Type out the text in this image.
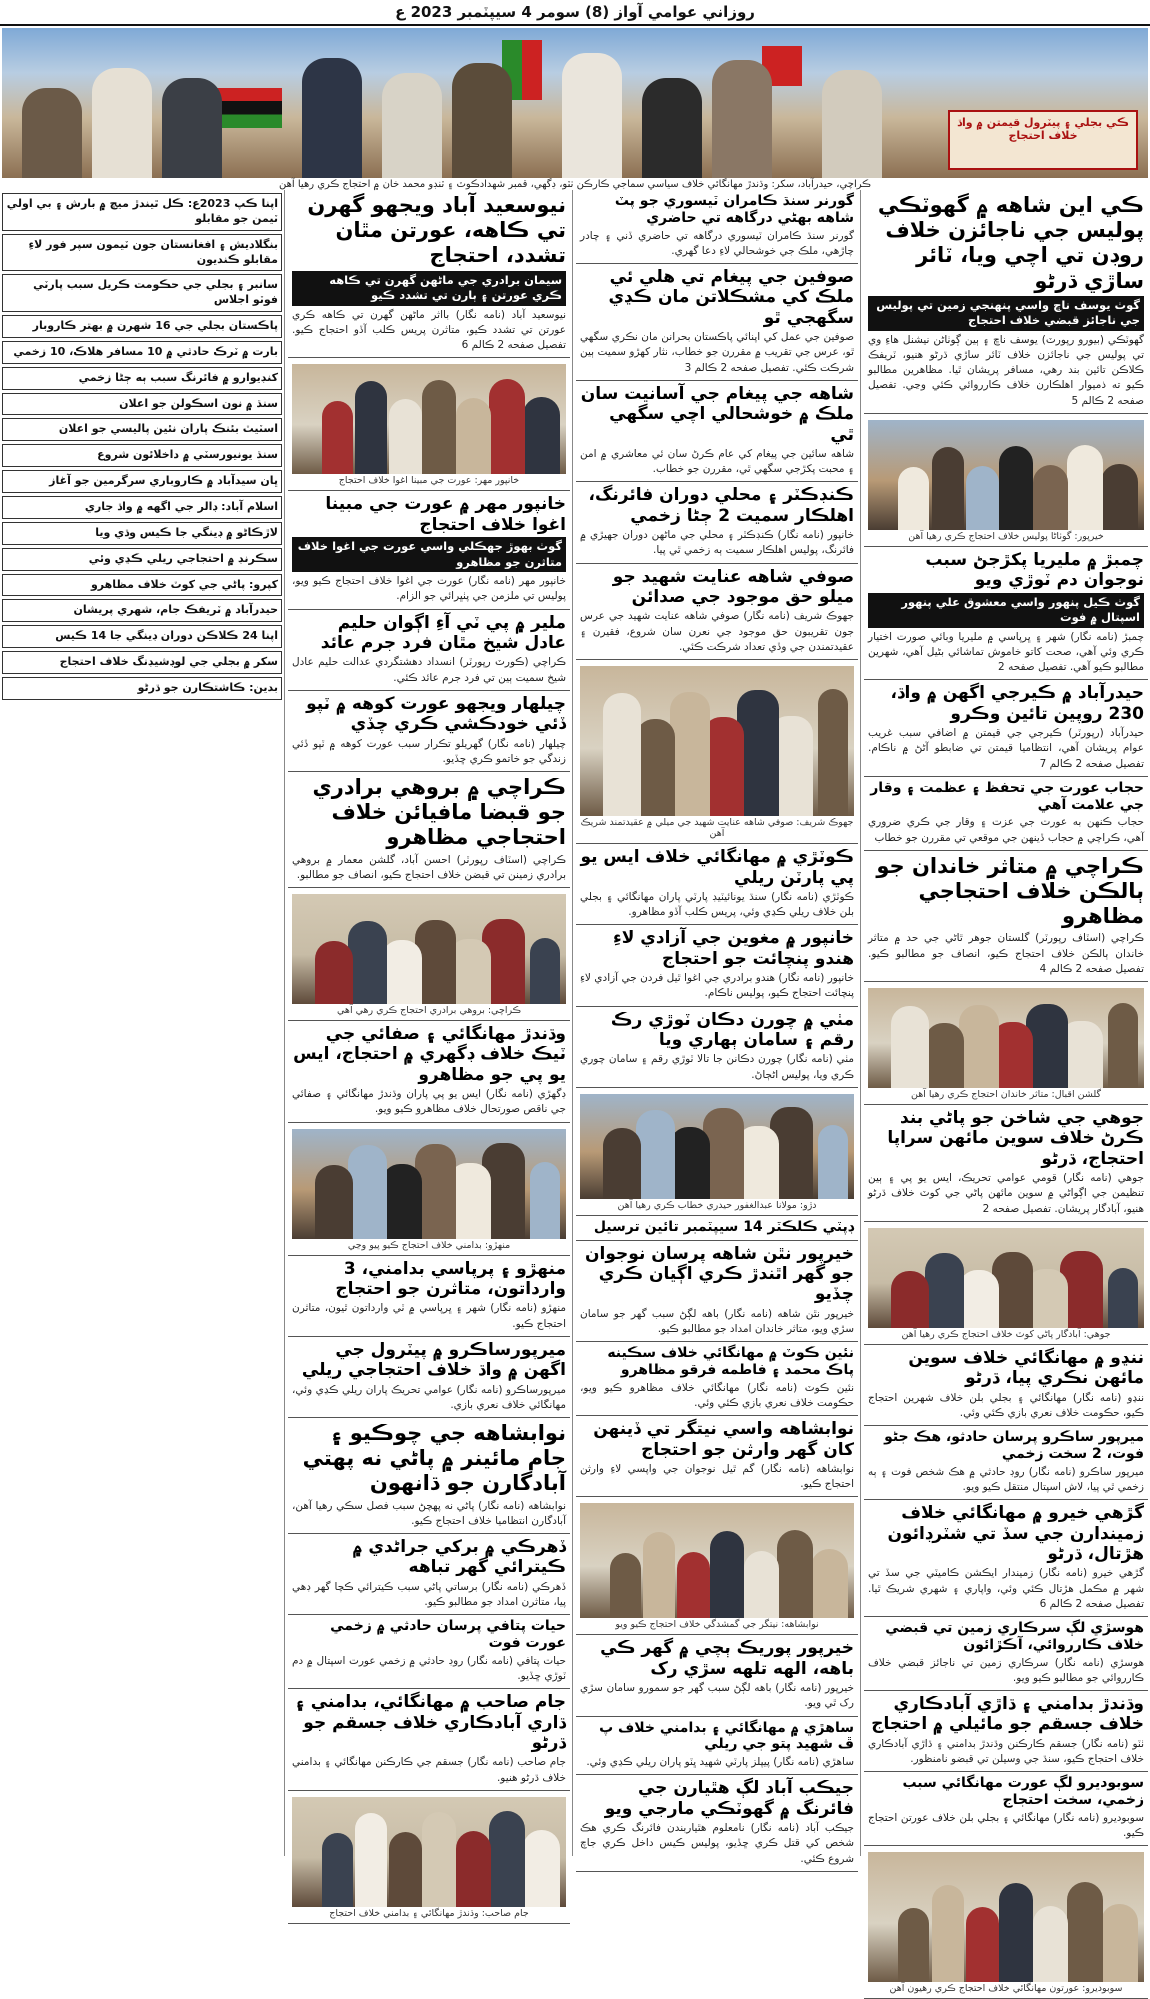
روزاني عوامي آواز (8) سومر 4 سيپٽمبر 2023 ع
ڪي بجلي ۽ پيٽرول قيمتن ۾ واڌ خلاف احتجاج
ڪراچي، حيدرآباد، سکر: وڌندڙ مهانگائي خلاف سياسي سماجي ڪارڪن ٺٽو، ڊگهي، قمبر شهدادڪوٽ ۽ ٽنڊو محمد خان ۾ احتجاج ڪري رهيا آهن
ڪي اين شاهه ۾ گهوٽڪي پوليس جي ناجائزن خلاف روڊن تي اچي ويا، ٽائر ساڙي ڌرڻو
گوٺ يوسف ناڇ واسي پنهنجي زمين تي پوليس جي ناجائز قبضي خلاف احتجاج
گهوٽڪي (بيورو رپورٽ) يوسف ناڇ ۽ ٻين ڳوٺاڻن نيشنل هاءِ وي تي پوليس جي ناجائزن خلاف ٽائر ساڙي ڌرڻو هنيو، ٽريفڪ ڪلاڪن تائين بند رهي، مسافر پريشان ٿيا. مظاهرين مطالبو ڪيو ته ذميوار اهلڪارن خلاف ڪارروائي ڪئي وڃي. تفصيل صفحه 2 ڪالم 5
خيرپور: گوٺاڻا پوليس خلاف احتجاج ڪري رهيا آهن
چمبڙ ۾ مليريا پکڙجڻ سبب نوجوان دم ٽوڙي ويو
گوٺ ڪيل پنهور واسي معشوق علي پنهور اسپتال ۾ فوت
چمبڙ (نامه نگار) شهر ۽ ڀرپاسي ۾ مليريا وبائي صورت اختيار ڪري وئي آهي، صحت کاتو خاموش تماشائي بڻيل آهي، شهرين مطالبو ڪيو آهي. تفصيل صفحه 2
حيدرآباد ۾ ڪيرجي اگهن ۾ واڌ، 230 روپين تائين وڪرو
حيدرآباد (رپورٽر) ڪيرجي جي قيمتن ۾ اضافي سبب غريب عوام پريشان آهي، انتظاميا قيمتن تي ضابطو آڻڻ ۾ ناڪام. تفصيل صفحه 2 ڪالم 7
حجاب عورت جي تحفظ ۽ عظمت ۽ وقار جي علامت آهي
حجاب ڪنهن به عورت جي عزت ۽ وقار جي ڪري ضروري آهي، ڪراچي ۾ حجاب ڏينهن جي موقعي تي مقررن جو خطاب
ڪراچي ۾ متاثر خاندان جو ٻالڪن خلاف احتجاجي مظاهرو
ڪراچي (اسٽاف رپورٽر) گلستان جوهر ٿاڻي جي حد ۾ متاثر خاندان ٻالڪن خلاف احتجاج ڪيو، انصاف جو مطالبو ڪيو. تفصيل صفحه 2 ڪالم 4
گلشن اقبال: متاثر خاندان احتجاج ڪري رهيا آهن
جوهي جي شاخن جو پاڻي بند ڪرڻ خلاف سوين مائهن سراپا احتجاج، ڌرڻو
جوهي (نامه نگار) قومي عوامي تحريڪ، ايس يو پي ۽ ٻين تنظيمن جي اڳواڻي ۾ سوين مائهن پاڻي جي کوٽ خلاف ڌرڻو هنيو، آبادگار پريشان. تفصيل صفحه 2
جوهي: آبادگار پاڻي کوٽ خلاف احتجاج ڪري رهيا آهن
ننڍو ۾ مهانگائي خلاف سوين مائهن نڪري پيا، ڌرڻو
ننڍو (نامه نگار) مهانگائي ۽ بجلي بلن خلاف شهرين احتجاج ڪيو، حڪومت خلاف نعري بازي ڪئي وئي.
ميرپور ساڪرو پرسان حادثو، هڪ جڻو فوت، 2 سخت زخمي
ميرپور ساڪرو (نامه نگار) روڊ حادثي ۾ هڪ شخص فوت ۽ ٻه زخمي ٿي پيا، لاش اسپتال منتقل ڪيو ويو.
گڙهي خيرو ۾ مهانگائي خلاف زميندارن جي سڏ تي شٽرڊائون هڙتال، ڌرڻو
گڙهي خيرو (نامه نگار) زميندار ايڪشن ڪاميٽي جي سڏ تي شهر ۾ مڪمل هڙتال ڪئي وئي، واپاري ۽ شهري شريڪ ٿيا. تفصيل صفحه 2 ڪالم 6
هوسڙي لڳ سرڪاري زمين تي قبضي خلاف ڪارروائي، آڪڙائون
هوسڙي (نامه نگار) سرڪاري زمين تي ناجائز قبضي خلاف ڪارروائي جو مطالبو ڪيو ويو.
وڌندڙ بدامني ۽ ڌاڙي آبادڪاري خلاف جسقم جو مائيلي ۾ احتجاج
ٺٽو (نامه نگار) جسقم ڪارڪنن وڌندڙ بدامني ۽ ڌاڙي آبادڪاري خلاف احتجاج ڪيو، سنڌ جي وسيلن تي قبضو نامنظور.
سوبوديرو لڳ عورت مهانگائي سبب زخمي، سخت احتجاج
سوبوديرو (نامه نگار) مهانگائي ۽ بجلي بلن خلاف عورتن احتجاج ڪيو.
سوبوديرو: عورتون مهانگائي خلاف احتجاج ڪري رهيون آهن
گورنر سنڌ ڪامران ٽيسوري جو پٽ شاهه بهڻي درگاهه تي حاضري
گورنر سنڌ ڪامران ٽيسوري درگاهه تي حاضري ڏني ۽ چادر چاڙهي، ملڪ جي خوشحالي لاءِ دعا گهري.
صوفين جي پيغام تي هلي ئي ملڪ کي مشڪلاتن مان ڪڍي سگهجي ٿو
صوفين جي عمل کي اپنائي پاڪستان بحرانن مان نڪري سگهي ٿو، عرس جي تقريب ۾ مقررن جو خطاب، نثار کهڙو سميت ٻين شرڪت ڪئي. تفصيل صفحه 2 ڪالم 3
شاهه جي پيغام جي آسانيت سان ملڪ ۾ خوشحالي اچي سگهي ٿي
شاهه سائين جي پيغام کي عام ڪرڻ سان ئي معاشري ۾ امن ۽ محبت پکڙجي سگهي ٿي، مقررن جو خطاب.
ڪنڊڪٽر ۽ محلي دوران فائرنگ، اهلڪار سميت 2 ڄڻا زخمي
خانپور (نامه نگار) ڪنڊڪٽر ۽ محلي جي ماڻهن دوران جهيڙي ۾ فائرنگ، پوليس اهلڪار سميت ٻه زخمي ٿي پيا.
صوفي شاهه عنايت شهيد جو ميلو حق موجود جي صدائن
جهوڪ شريف (نامه نگار) صوفي شاهه عنايت شهيد جي عرس جون تقريبون حق موجود جي نعرن سان شروع، فقيرن ۽ عقيدتمندن جي وڏي تعداد شرڪت ڪئي.
جهوڪ شريف: صوفي شاهه عنايت شهيد جي ميلي ۾ عقيدتمند شريڪ آهن
ڪوٽڙي ۾ مهانگائي خلاف ايس يو پي پارٽن ريلي
ڪوٽڙي (نامه نگار) سنڌ يونائيٽيڊ پارٽي پاران مهانگائي ۽ بجلي بلن خلاف ريلي ڪڍي وئي، پريس ڪلب آڏو مظاهرو.
خانپور ۾ مغوين جي آزادي لاءِ هندو پنچائت جو احتجاج
خانپور (نامه نگار) هندو برادري جي اغوا ٿيل فردن جي آزادي لاءِ پنچائت احتجاج ڪيو، پوليس ناڪام.
مٺي ۾ چورن دڪان ٽوڙي رڪ رقم ۽ سامان ٻهاري ويا
مٺي (نامه نگار) چورن دڪانن جا تالا ٽوڙي رقم ۽ سامان چوري ڪري ويا، پوليس اڻڄاڻ.
دڙو: مولانا عبدالغفور حيدري خطاب ڪري رهيا آهن
ڊپٽي ڪلڪٽر 14 سيپٽمبر تائين ترسيل
خيرپور نٿن شاهه پرسان نوجوان جو گهر اٿندڙ ڪري اڳيان ڪري چڏيو
خيرپور نٿن شاهه (نامه نگار) باهه لڳڻ سبب گهر جو سامان سڙي ويو، متاثر خاندان امداد جو مطالبو ڪيو.
نئين ڪوٽ ۾ مهانگائي خلاف سڪينه پاڪ محمد ۽ فاطمه فرقو مظاهرو
نئين ڪوٽ (نامه نگار) مهانگائي خلاف مظاهرو ڪيو ويو، حڪومت خلاف نعري بازي ڪئي وئي.
نوابشاهه واسي نيتگر تي ڏينهن کان گهر وارثن جو احتجاج
نوابشاهه (نامه نگار) گم ٿيل نوجوان جي واپسي لاءِ وارثن احتجاج ڪيو.
نوابشاهه: نيتگر جي گمشدگي خلاف احتجاج ڪيو ويو
خيرپور پوريڪ ٻچي ۾ گهر ڪي باهه، الهه تلهه سڙي رک
خيرپور (نامه نگار) باهه لڳڻ سبب گهر جو سمورو سامان سڙي رک ٿي ويو.
ساهڙي ۾ مهانگائي ۽ بدامني خلاف پ ڦ شهيد پتو جي ريلي
ساهڙي (نامه نگار) پيپلز پارٽي شهيد ڀٽو پاران ريلي ڪڍي وئي.
جيڪب آباد لڳ هٿيارن جي فائرنگ ۾ گهوٽڪي مارجي ويو
جيڪب آباد (نامه نگار) نامعلوم هٿياربندن فائرنگ ڪري هڪ شخص کي قتل ڪري ڇڏيو، پوليس ڪيس داخل ڪري جاچ شروع ڪئي.
نيوسعيد آباد ويجهو گهرن تي ڪاهه، عورتن مٿان تشدد، احتجاج
سيمان برادري جي ماڻهن گهرن تي ڪاهه ڪري عورتن ۽ ٻارن تي تشدد ڪيو
نيوسعيد آباد (نامه نگار) بااثر ماڻهن گهرن تي ڪاهه ڪري عورتن تي تشدد ڪيو، متاثرن پريس ڪلب آڏو احتجاج ڪيو. تفصيل صفحه 2 ڪالم 6
خانپور مهر: عورت جي مبينا اغوا خلاف احتجاج
خانپور مهر ۾ عورت جي مبينا اغوا خلاف احتجاج
گوٺ بهوڙ جهڪلي واسي عورت جي اغوا خلاف متاثرن جو مظاهرو
خانپور مهر (نامه نگار) عورت جي اغوا خلاف احتجاج ڪيو ويو، پوليس تي ملزمن جي پٺڀرائي جو الزام.
ملير ۾ پي ٽي آءِ اڳوان حليم عادل شيخ مٿان فرد جرم عائد
ڪراچي (ڪورٽ رپورٽر) انسداد دهشتگردي عدالت حليم عادل شيخ سميت ٻين تي فرد جرم عائد ڪئي.
چيلهار ويجهو عورت کوهه ۾ ٽپو ڏئي خودڪشي ڪري چڏي
چيلهار (نامه نگار) گهريلو تڪرار سبب عورت کوهه ۾ ٽپو ڏئي زندگي جو خاتمو ڪري ڇڏيو.
ڪراچي ۾ بروهي برادري جو قبضا مافيائن خلاف احتجاجي مظاهرو
ڪراچي (اسٽاف رپورٽر) احسن آباد، گلشن معمار ۾ بروهي برادري زمينن تي قبضن خلاف احتجاج ڪيو، انصاف جو مطالبو.
ڪراچي: بروهي برادري احتجاج ڪري رهي آهي
وڌندڙ مهانگائي ۽ صفائي جي ٽيڪ خلاف ڊگهري ۾ احتجاج، ايس يو پي جو مظاهرو
ڊگهڙي (نامه نگار) ايس يو پي پاران وڌندڙ مهانگائي ۽ صفائي جي ناقص صورتحال خلاف مظاهرو ڪيو ويو.
منهڙو: بدامني خلاف احتجاج ڪيو پيو وڃي
منهڙو ۽ پرپاسي بدامني، 3 وارداتون، متاثرن جو احتجاج
منهڙو (نامه نگار) شهر ۽ ڀرپاسي ۾ ٽي وارداتون ٿيون، متاثرن احتجاج ڪيو.
ميرپورساڪرو ۾ پيٽرول جي اگهن ۾ واڌ خلاف احتجاجي ريلي
ميرپورساڪرو (نامه نگار) عوامي تحريڪ پاران ريلي ڪڍي وئي، مهانگائي خلاف نعري بازي.
نوابشاهه جي چوڪيو ۽ جام مائينر ۾ پاڻي نه پهتي آبادگارن جو ڌانهون
نوابشاهه (نامه نگار) پاڻي نه پهچڻ سبب فصل سڪي رهيا آهن، آبادگارن انتظاميا خلاف احتجاج ڪيو.
ڏهرڪي ۾ برکي جراڻدي ۾ ڪيترائي گهر تباهه
ڏهرڪي (نامه نگار) برساتي پاڻي سبب ڪيترائي ڪچا گهر ڊهي پيا، متاثرن امداد جو مطالبو ڪيو.
حيات پتافي پرسان حادثي ۾ زخمي عورت فوت
حيات پتافي (نامه نگار) روڊ حادثي ۾ زخمي عورت اسپتال ۾ دم ٽوڙي ڇڏيو.
جام صاحب ۾ مهانگائي، بدامني ۽ ڌاري آبادڪاري خلاف جسقم جو ڌرڻو
جام صاحب (نامه نگار) جسقم جي ڪارڪنن مهانگائي ۽ بدامني خلاف ڌرڻو هنيو.
جام صاحب: وڌندڙ مهانگائي ۽ بدامني خلاف احتجاج
اپنا ڪپ 2023ع: ڪل ٿيندڙ ميچ ۾ بارش ۽ بي اولي ٽيمن جو مقابلو
بنگلاديش ۽ افغانستان جون ٽيمون سپر فور لاءِ مقابلو ڪنديون
سانبر ۽ بجلي جي حڪومت ڪريل سبب پارٽي فوٽو اجلاس
پاڪستان بجلي جي 16 شهرن ۾ بهتر ڪاروبار
بارت ۾ ٽرڪ حادثي ۾ 10 مسافر هلاڪ، 10 زخمي
کنڊيوارو ۾ فائرنگ سبب ٻه ڄڻا زخمي
سنڌ ۾ نون اسڪولن جو اعلان
اسٽيٽ بئنڪ پاران نئين پاليسي جو اعلان
سنڌ يونيورسٽي ۾ داخلائون شروع
ڀان سيدآباد ۾ ڪاروباري سرگرمين جو آغاز
اسلام آباد: ڊالر جي اگهه ۾ واڌ جاري
لاڙڪاڻو ۾ ڊينگي جا ڪيس وڌي ويا
سڪرنڊ ۾ احتجاجي ريلي ڪڍي وئي
کپرو: پاڻي جي کوٽ خلاف مظاهرو
حيدرآباد ۾ ٽريفڪ جام، شهري پريشان
اپنا 24 ڪلاڪن دوران ڊينگي جا 14 ڪيس
سکر ۾ بجلي جي لوڊشيڊنگ خلاف احتجاج
بدين: ڪاشتڪارن جو ڌرڻو
